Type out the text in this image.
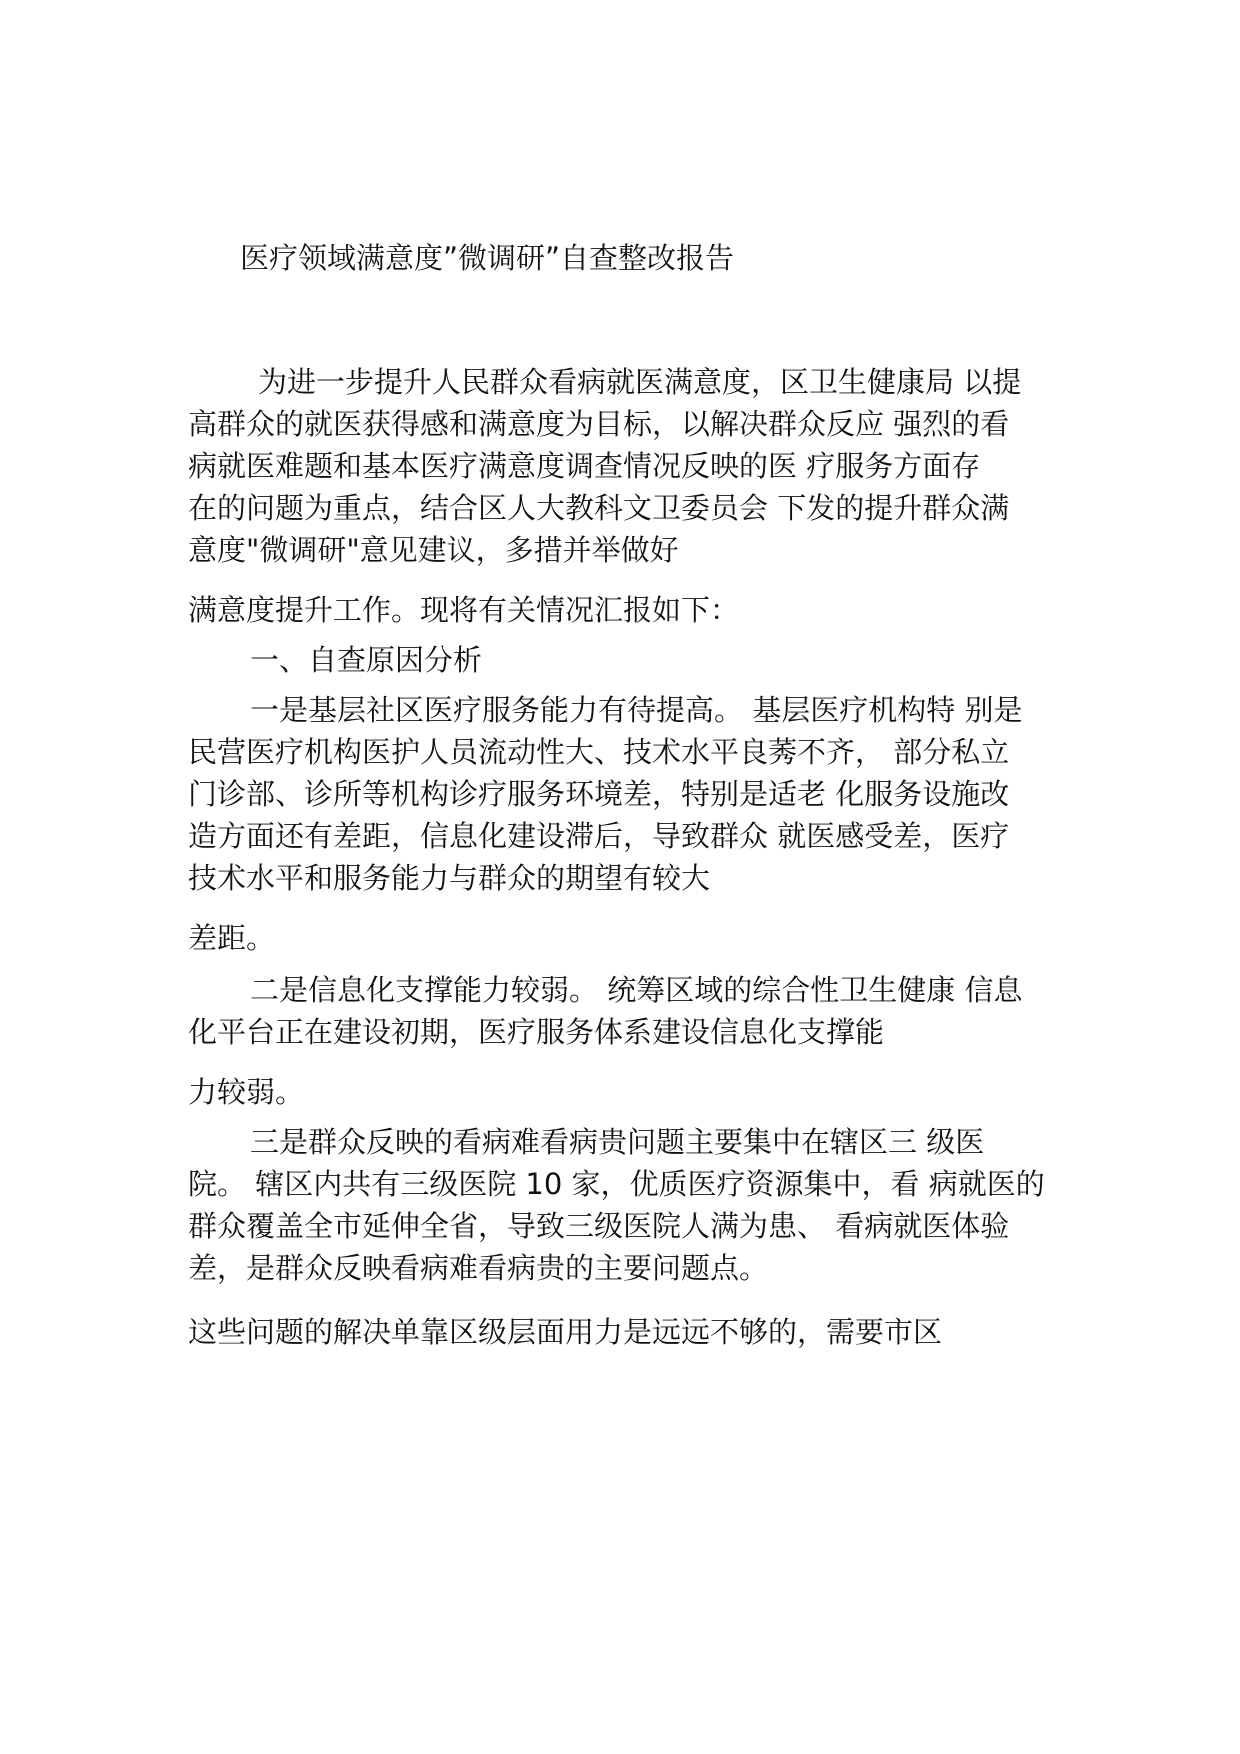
医疗领域满意度”微调研”自查整改报告
为进一步提升人民群众看病就医满意度，区卫生健康局 以提
高群众的就医获得感和满意度为目标，以解决群众反应 强烈的看
病就医难题和基本医疗满意度调查情况反映的医 疗服务方面存
在的问题为重点，结合区人大教科文卫委员会 下发的提升群众满
意度"微调研"意见建议，多措并举做好
满意度提升工作。现将有关情况汇报如下：
一、自查原因分析
一是基层社区医疗服务能力有待提高。 基层医疗机构特 别是
民营医疗机构医护人员流动性大、技术水平良莠不齐， 部分私立
门诊部、诊所等机构诊疗服务环境差，特别是适老 化服务设施改
造方面还有差距，信息化建设滞后，导致群众 就医感受差，医疗
技术水平和服务能力与群众的期望有较大
差距。
二是信息化支撑能力较弱。 统筹区域的综合性卫生健康 信息
化平台正在建设初期，医疗服务体系建设信息化支撑能
力较弱。
三是群众反映的看病难看病贵问题主要集中在辖区三 级医
院。 辖区内共有三级医院 10 家，优质医疗资源集中，看 病就医的
群众覆盖全市延伸全省，导致三级医院人满为患、 看病就医体验
差，是群众反映看病难看病贵的主要问题点。
这些问题的解决单靠区级层面用力是远远不够的，需要市区
